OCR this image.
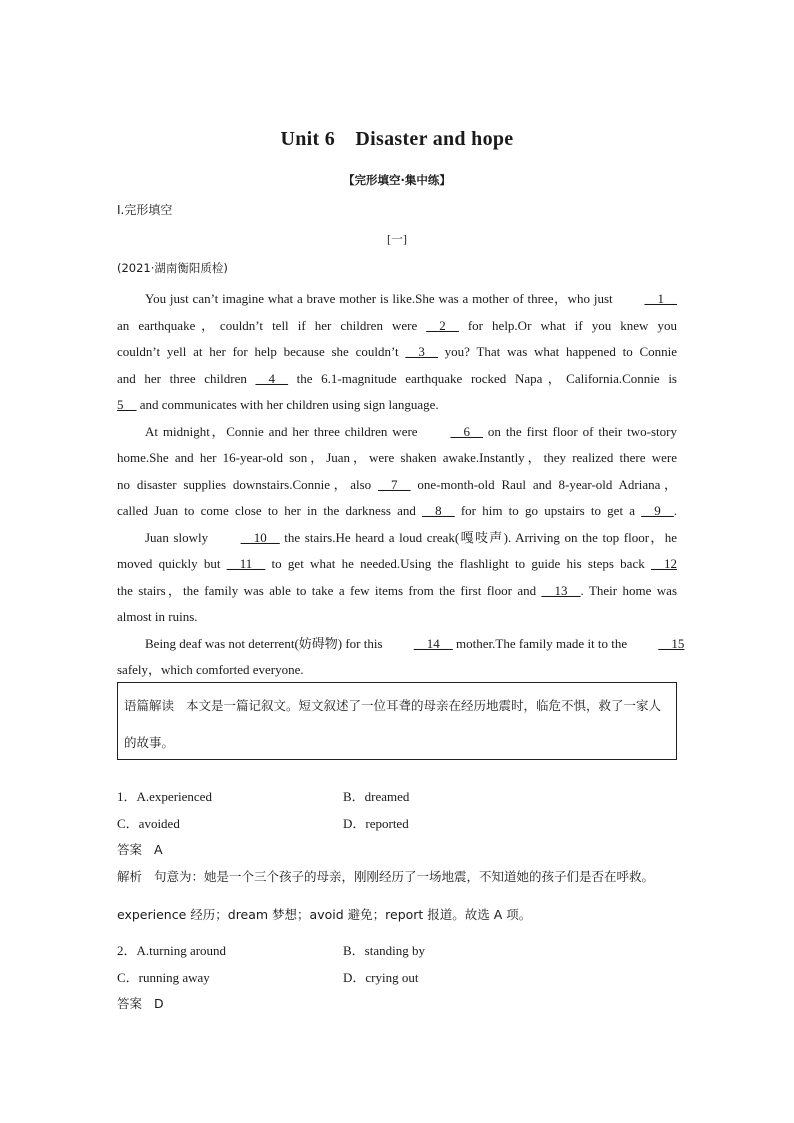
Unit 6　Disaster and hope
【完形填空·集中练】
Ⅰ.完形填空
[一]
(2021·湖南衡阳质检)
You just can’t imagine what a brave mother is like.She was a mother of three，who just __1__
an earthquake，couldn’t tell if her children were __2__ for help.Or what if you knew you
couldn’t yell at her for help because she couldn’t __3__ you? That was what happened to Connie
and her three children __4__ the 6.1-magnitude earthquake rocked Napa，California.Connie is
5__ and communicates with her children using sign language.
At midnight，Connie and her three children were __6__ on the first floor of their two-story
home.She and her 16-year-old son，Juan，were shaken awake.Instantly，they realized there were
no disaster supplies downstairs.Connie，also __7__ one-month-old Raul and 8-year-old Adriana，
called Juan to come close to her in the darkness and __8__ for him to go upstairs to get a __9__.
Juan slowly __10__ the stairs.He heard a loud creak(嘎吱声). Arriving on the top floor，he
moved quickly but __11__ to get what he needed.Using the flashlight to guide his steps back __12
the stairs，the family was able to take a few items from the first floor and __13__. Their home was
almost in ruins.
Being deaf was not deterrent(妨碍物) for this __14__ mother.The family made it to the __15
safely，which comforted everyone.
语篇解读 本文是一篇记叙文。短文叙述了一位耳聋的母亲在经历地震时，临危不惧，救了一家人的故事。
1．A.experienced	B．dreamed
C．avoided	D．reported
答案 A
解析 句意为：她是一个三个孩子的母亲，刚刚经历了一场地震，不知道她的孩子们是否在呼救。experience 经历；dream 梦想；avoid 避免；report 报道。故选 A 项。
2．A.turning around	B．standing by
C．running away	D．crying out
答案 D
